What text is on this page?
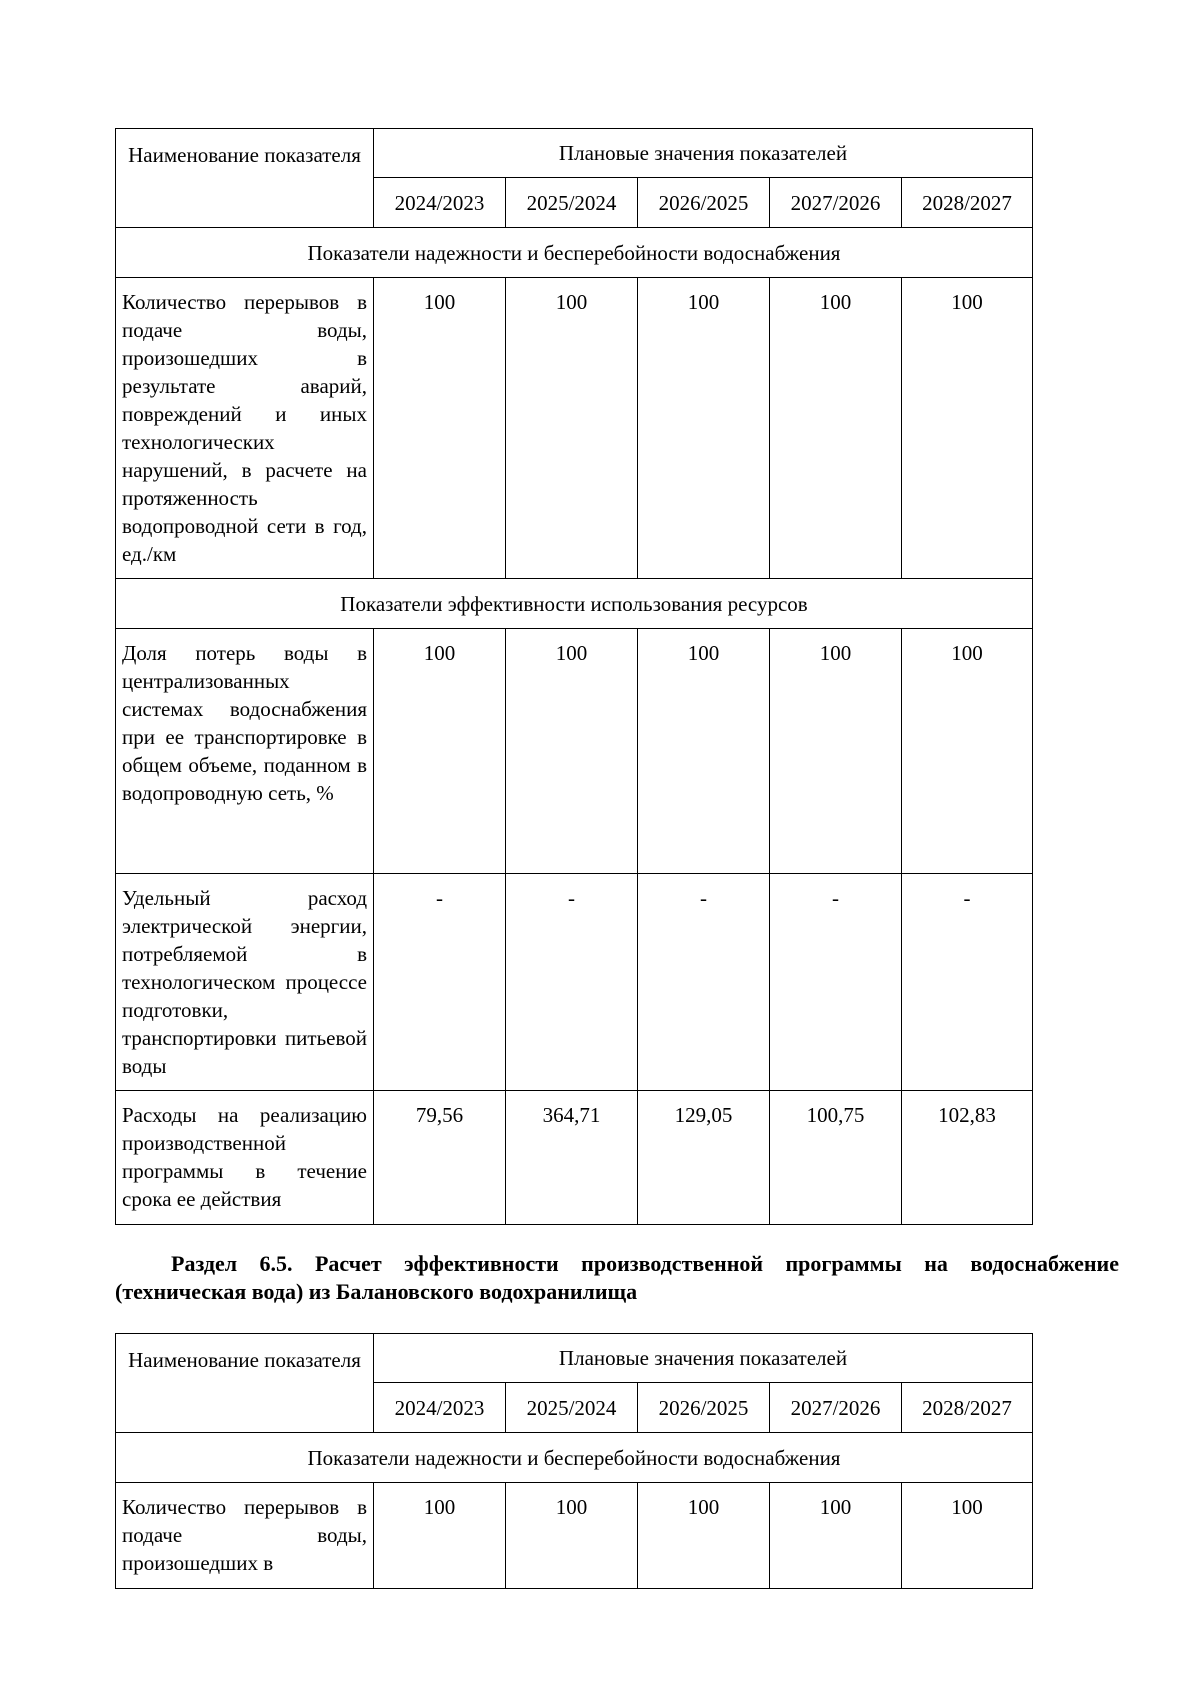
Наименование показателя	Плановые значения показателей				
	2024/2023	2025/2024	2026/2025	2027/2026	2028/2027
Показатели надежности и бесперебойности водоснабжения					
Количество перерывов в подаче воды, произошедших в результате аварий, повреждений и иных технологических нарушений, в расчете на протяженность водопроводной сети в год, ед./км	100	100	100	100	100
Показатели эффективности использования ресурсов					
Доля потерь воды в централизованных системах водоснабжения при ее транспортировке в общем объеме, поданном в водопроводную сеть, %	100	100	100	100	100
Удельный расход электрической энергии, потребляемой в технологическом процессе подготовки, транспортировки питьевой воды	-	-	-	-	-
Расходы на реализацию производственной программы в течение срока ее действия	79,56	364,71	129,05	100,75	102,83

Раздел 6.5. Расчет эффективности производственной программы на водоснабжение (техническая вода) из Балановского водохранилища

Наименование показателя	Плановые значения показателей				
	2024/2023	2025/2024	2026/2025	2027/2026	2028/2027
Показатели надежности и бесперебойности водоснабжения					
Количество перерывов в подаче воды, произошедших в	100	100	100	100	100
